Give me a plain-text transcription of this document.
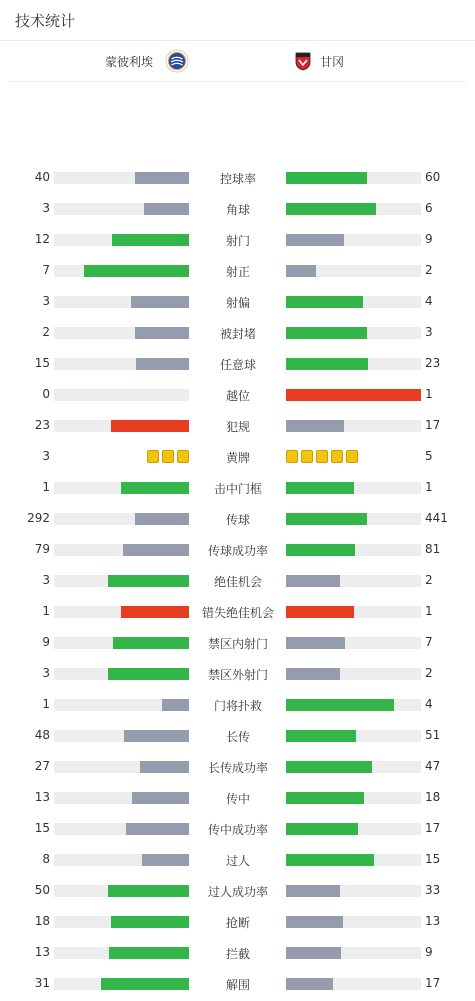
技术统计
蒙彼利埃	甘冈
40	控球率	60
3	角球	6
12	射门	9
7	射正	2
3	射偏	4
2	被封堵	3
15	任意球	23
0	越位	1
23	犯规	17
3	黄牌	5
1	击中门框	1
292	传球	441
79	传球成功率	81
3	绝佳机会	2
1	错失绝佳机会	1
9	禁区内射门	7
3	禁区外射门	2
1	门将扑救	4
48	长传	51
27	长传成功率	47
13	传中	18
15	传中成功率	17
8	过人	15
50	过人成功率	33
18	抢断	13
13	拦截	9
31	解围	17
